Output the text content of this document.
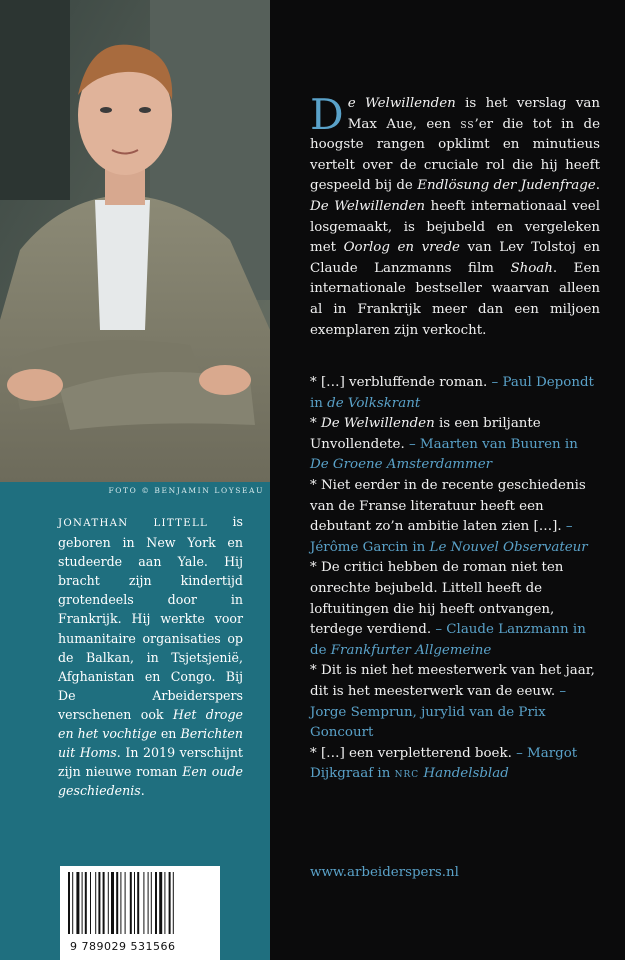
FOTO © BENJAMIN LOYSEAU
JONATHAN LITTELL is geboren in New York en studeerde aan Yale. Hij bracht zijn kindertijd grotendeels door in Frankrijk. Hij werkte voor humanitaire organisaties op de Balkan, in Tsjetsjenië, Afghanistan en Congo. Bij De Arbeiderspers verschenen ook Het droge en het vochtige en Berichten uit Homs. In 2019 verschijnt zijn nieuwe roman Een oude geschiedenis.
9 789029 531566
De Welwillenden is het verslag van Max Aue, een ss’er die tot in de hoogste rangen opklimt en minutieus vertelt over de cruciale rol die hij heeft gespeeld bij de Endlösung der Judenfrage. De Welwillenden heeft internationaal veel losgemaakt, is bejubeld en vergeleken met Oorlog en vrede van Lev Tolstoj en Claude Lanzmanns film Shoah. Een internationale bestseller waarvan alleen al in Frankrijk meer dan een miljoen exemplaren zijn verkocht.

* […] verbluffende roman. – Paul Depondt in de Volkskrant

* De Welwillenden is een briljante Unvollendete. – Maarten van Buuren in De Groene Amsterdammer

* Niet eerder in de recente geschiedenis van de Franse literatuur heeft een debutant zo’n ambitie laten zien […]. – Jérôme Garcin in Le Nouvel Observateur

* De critici hebben de roman niet ten onrechte bejubeld. Littell heeft de loftuitingen die hij heeft ontvangen, terdege verdiend. – Claude Lanzmann in de Frankfurter Allgemeine

* Dit is niet het meesterwerk van het jaar, dit is het meesterwerk van de eeuw. – Jorge Semprun, jurylid van de Prix Goncourt

* […] een verpletterend boek. – Margot Dijkgraaf in nrc Handelsblad

www.arbeiderspers.nl
